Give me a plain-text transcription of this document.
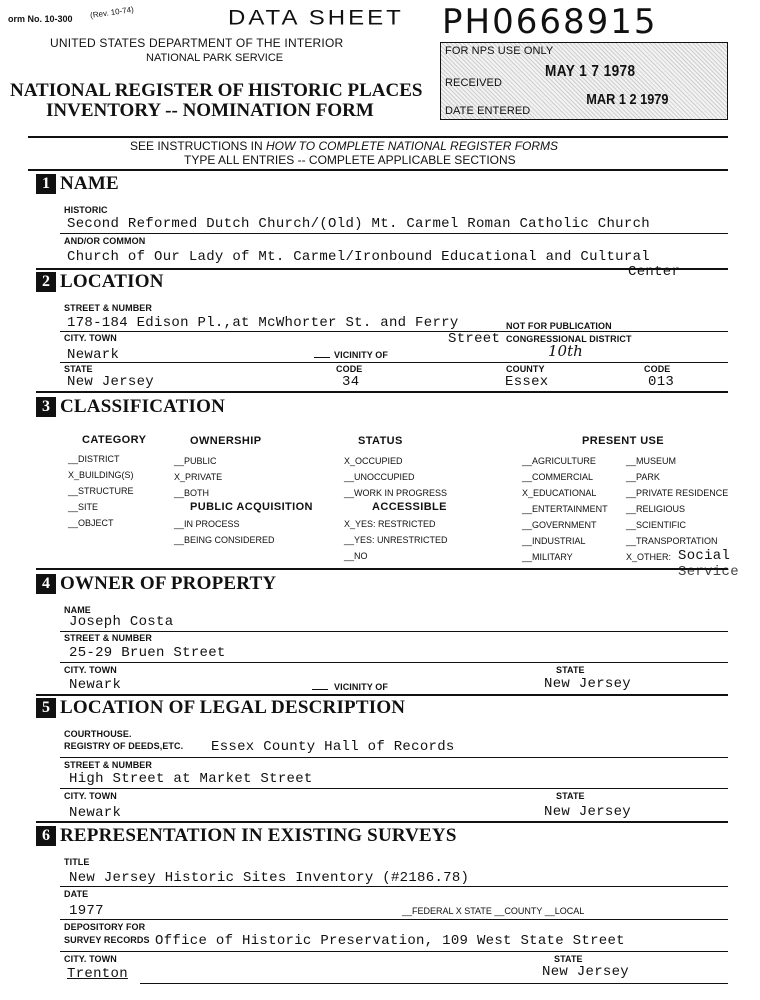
orm No. 10-300 (Rev. 10-74)	DATA SHEET
UNITED STATES DEPARTMENT OF THE INTERIOR
NATIONAL PARK SERVICE
NATIONAL REGISTER OF HISTORIC PLACES
INVENTORY -- NOMINATION FORM
PH0668915
FOR NPS USE ONLY
RECEIVED
MAY 1 7 1978
DATE ENTERED
MAR 1 2 1979
SEE INSTRUCTIONS IN HOW TO COMPLETE NATIONAL REGISTER FORMS
TYPE ALL ENTRIES -- COMPLETE APPLICABLE SECTIONS
1 NAME
HISTORIC
Second Reformed Dutch Church/(Old) Mt. Carmel Roman Catholic Church
AND/OR COMMON
Church of Our Lady of Mt. Carmel/Ironbound Educational and Cultural
Center
2 LOCATION
STREET & NUMBER
178-184 Edison Pl.,at McWhorter St. and Ferry	NOT FOR PUBLICATION
CITY. TOWN	Street CONGRESSIONAL DISTRICT
Newark	VICINITY OF	10th
STATE	CODE	COUNTY	CODE
New Jersey	34	Essex	013
3 CLASSIFICATION
CATEGORY	OWNERSHIP	STATUS	PRESENT USE
__DISTRICT
X_BUILDING(S)
__STRUCTURE
__SITE
__OBJECT
__PUBLIC
X_PRIVATE
__BOTH
PUBLIC ACQUISITION
__IN PROCESS
__BEING CONSIDERED
X_OCCUPIED
__UNOCCUPIED
__WORK IN PROGRESS
ACCESSIBLE
X_YES: RESTRICTED
__YES: UNRESTRICTED
__NO
__AGRICULTURE
__COMMERCIAL
X_EDUCATIONAL
__ENTERTAINMENT
__GOVERNMENT
__INDUSTRIAL
__MILITARY
__MUSEUM
__PARK
__PRIVATE RESIDENCE
__RELIGIOUS
__SCIENTIFIC
__TRANSPORTATION
X_OTHER: Social
Service
4 OWNER OF PROPERTY
NAME
Joseph Costa
STREET & NUMBER
25-29 Bruen Street
CITY. TOWN	STATE
Newark	VICINITY OF	New Jersey
5 LOCATION OF LEGAL DESCRIPTION
COURTHOUSE.
REGISTRY OF DEEDS,ETC. Essex County Hall of Records
STREET & NUMBER
High Street at Market Street
CITY. TOWN	STATE
Newark	New Jersey
6 REPRESENTATION IN EXISTING SURVEYS
TITLE
New Jersey Historic Sites Inventory (#2186.78)
DATE
1977	__FEDERAL X STATE __COUNTY __LOCAL
DEPOSITORY FOR
SURVEY RECORDS Office of Historic Preservation, 109 West State Street
CITY. TOWN	STATE
Trenton	New Jersey
